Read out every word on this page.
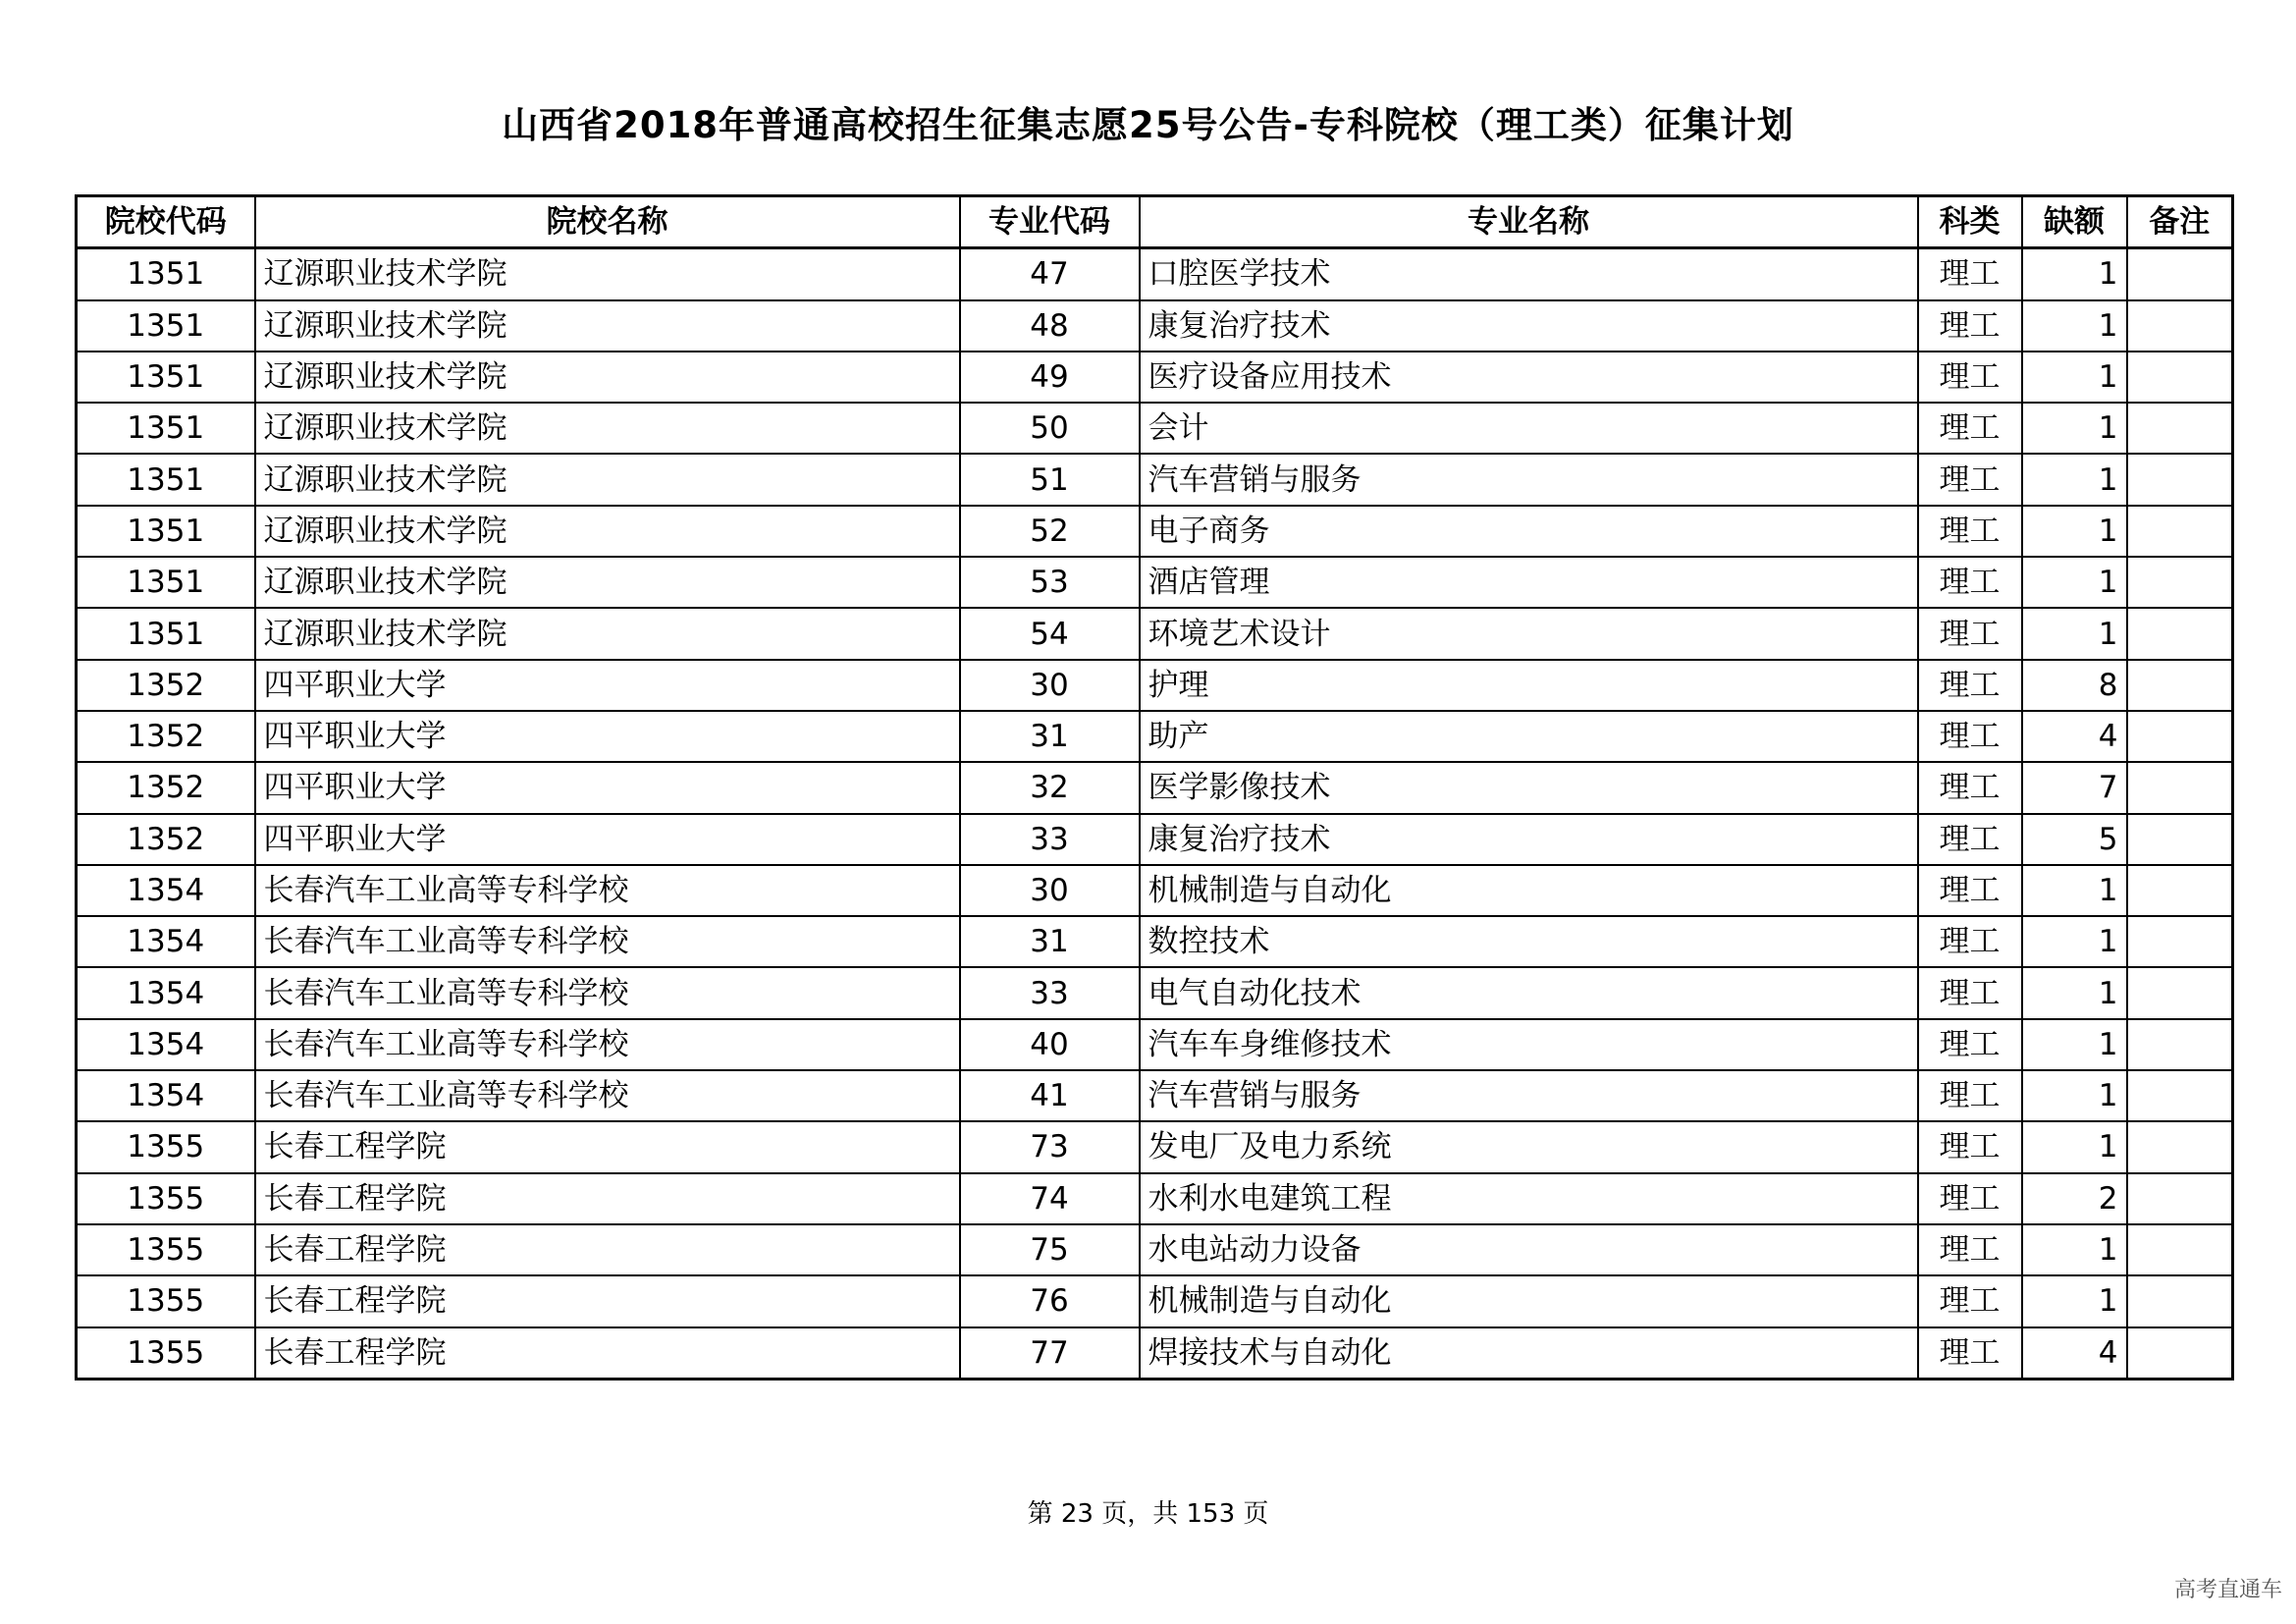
山西省2018年普通高校招生征集志愿25号公告-专科院校（理工类）征集计划
院校代码	院校名称	专业代码	专业名称	科类	缺额	备注
1351	辽源职业技术学院	47	口腔医学技术	理工	1	
1351	辽源职业技术学院	48	康复治疗技术	理工	1	
1351	辽源职业技术学院	49	医疗设备应用技术	理工	1	
1351	辽源职业技术学院	50	会计	理工	1	
1351	辽源职业技术学院	51	汽车营销与服务	理工	1	
1351	辽源职业技术学院	52	电子商务	理工	1	
1351	辽源职业技术学院	53	酒店管理	理工	1	
1351	辽源职业技术学院	54	环境艺术设计	理工	1	
1352	四平职业大学	30	护理	理工	8	
1352	四平职业大学	31	助产	理工	4	
1352	四平职业大学	32	医学影像技术	理工	7	
1352	四平职业大学	33	康复治疗技术	理工	5	
1354	长春汽车工业高等专科学校	30	机械制造与自动化	理工	1	
1354	长春汽车工业高等专科学校	31	数控技术	理工	1	
1354	长春汽车工业高等专科学校	33	电气自动化技术	理工	1	
1354	长春汽车工业高等专科学校	40	汽车车身维修技术	理工	1	
1354	长春汽车工业高等专科学校	41	汽车营销与服务	理工	1	
1355	长春工程学院	73	发电厂及电力系统	理工	1	
1355	长春工程学院	74	水利水电建筑工程	理工	2	
1355	长春工程学院	75	水电站动力设备	理工	1	
1355	长春工程学院	76	机械制造与自动化	理工	1	
1355	长春工程学院	77	焊接技术与自动化	理工	4	
第 23 页，共 153 页
高考直通车
